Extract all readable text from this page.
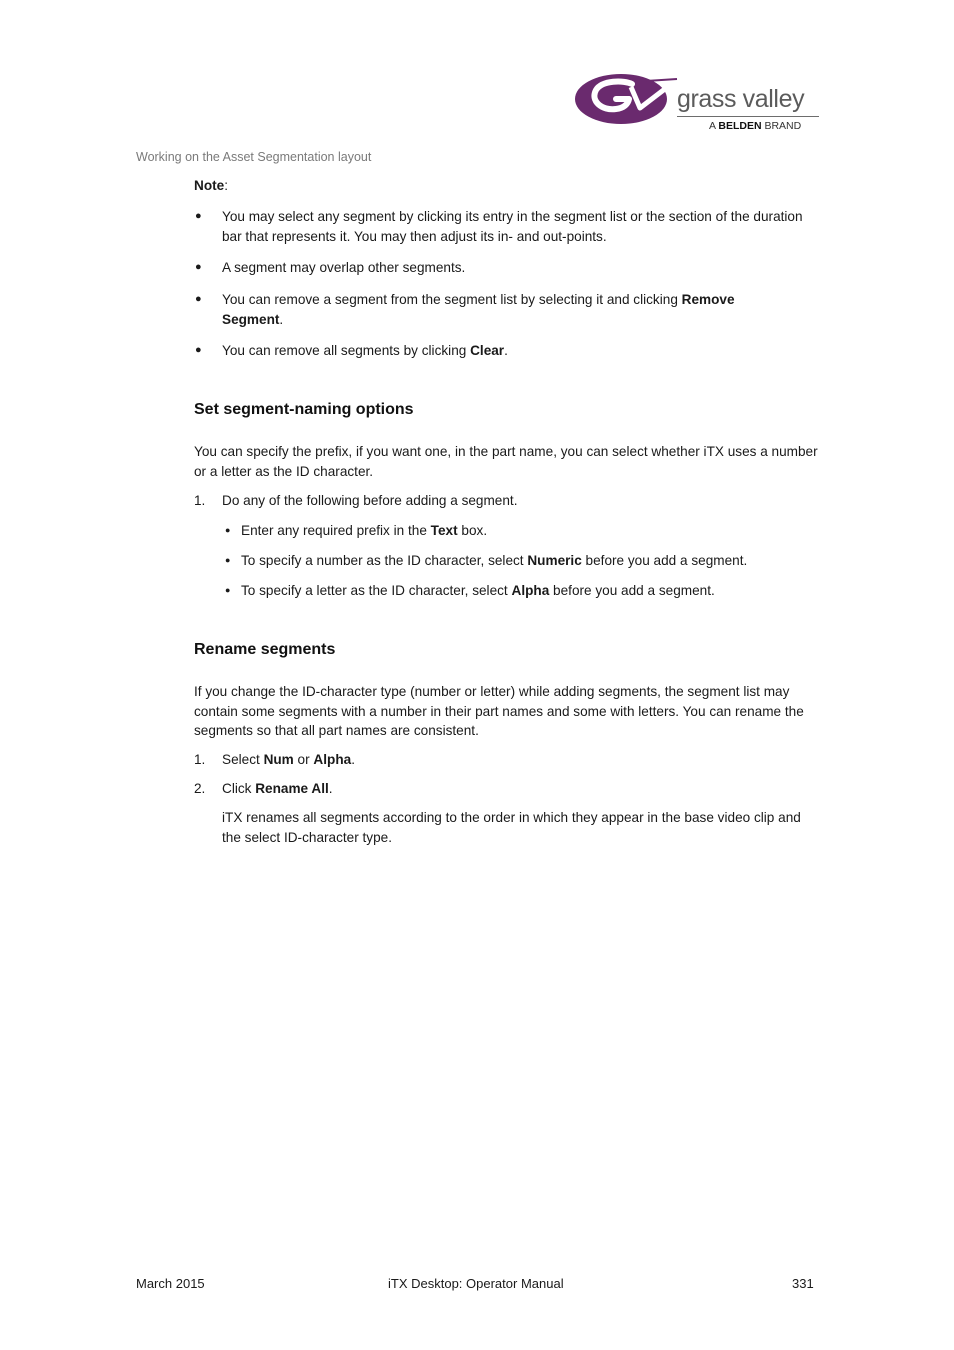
grass valley
A BELDEN BRAND
Working on the Asset Segmentation layout
Note:
● You may select any segment by clicking its entry in the segment list or the section of the duration bar that represents it. You may then adjust its in- and out-points.
● A segment may overlap other segments.
● You can remove a segment from the segment list by selecting it and clicking Remove Segment.
● You can remove all segments by clicking Clear.
Set segment-naming options
You can specify the prefix, if you want one, in the part name, you can select whether iTX uses a number or a letter as the ID character.
1. Do any of the following before adding a segment.
● Enter any required prefix in the Text box.
● To specify a number as the ID character, select Numeric before you add a segment.
● To specify a letter as the ID character, select Alpha before you add a segment.
Rename segments
If you change the ID-character type (number or letter) while adding segments, the segment list may contain some segments with a number in their part names and some with letters. You can rename the segments so that all part names are consistent.
1. Select Num or Alpha.
2. Click Rename All.
iTX renames all segments according to the order in which they appear in the base video clip and the select ID-character type.
March 2015	iTX Desktop: Operator Manual	331
